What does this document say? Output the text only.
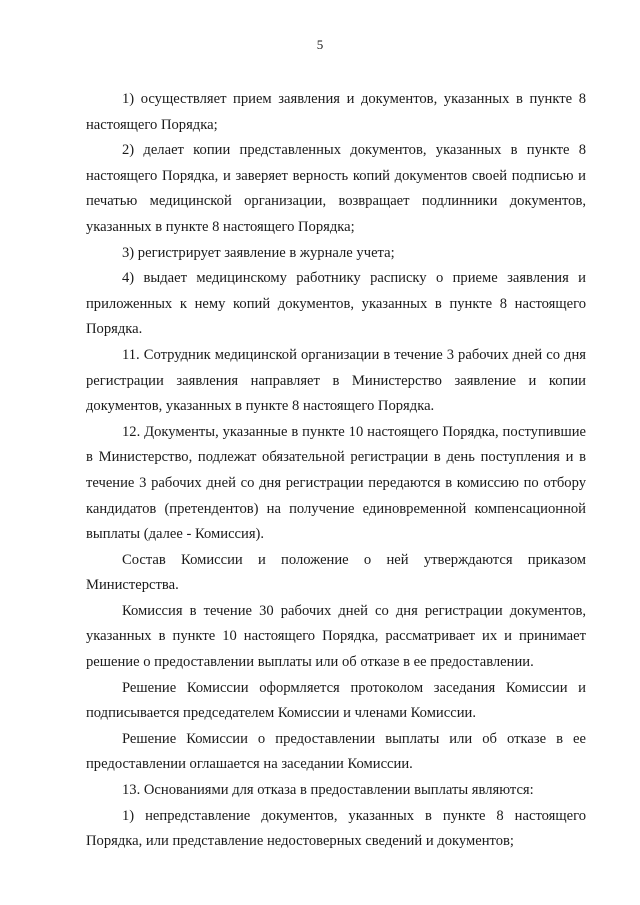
5

1) осуществляет прием заявления и документов, указанных в пункте 8 настоящего Порядка;

2) делает копии представленных документов, указанных в пункте 8 настоящего Порядка, и заверяет верность копий документов своей подписью и печатью медицинской организации, возвращает подлинники документов, указанных в пункте 8 настоящего Порядка;

3) регистрирует заявление в журнале учета;

4) выдает медицинскому работнику расписку о приеме заявления и приложенных к нему копий документов, указанных в пункте 8 настоящего Порядка.

11. Сотрудник медицинской организации в течение 3 рабочих дней со дня регистрации заявления направляет в Министерство заявление и копии документов, указанных в пункте 8 настоящего Порядка.

12. Документы, указанные в пункте 10 настоящего Порядка, поступившие в Министерство, подлежат обязательной регистрации в день поступления и в течение 3 рабочих дней со дня регистрации передаются в комиссию по отбору кандидатов (претендентов) на получение единовременной компенсационной выплаты (далее - Комиссия).

Состав Комиссии и положение о ней утверждаются приказом Министерства.

Комиссия в течение 30 рабочих дней со дня регистрации документов, указанных в пункте 10 настоящего Порядка, рассматривает их и принимает решение о предоставлении выплаты или об отказе в ее предоставлении.

Решение Комиссии оформляется протоколом заседания Комиссии и подписывается председателем Комиссии и членами Комиссии.

Решение Комиссии о предоставлении выплаты или об отказе в ее предоставлении оглашается на заседании Комиссии.

13. Основаниями для отказа в предоставлении выплаты являются:

1) непредставление документов, указанных в пункте 8 настоящего Порядка, или представление недостоверных сведений и документов;
